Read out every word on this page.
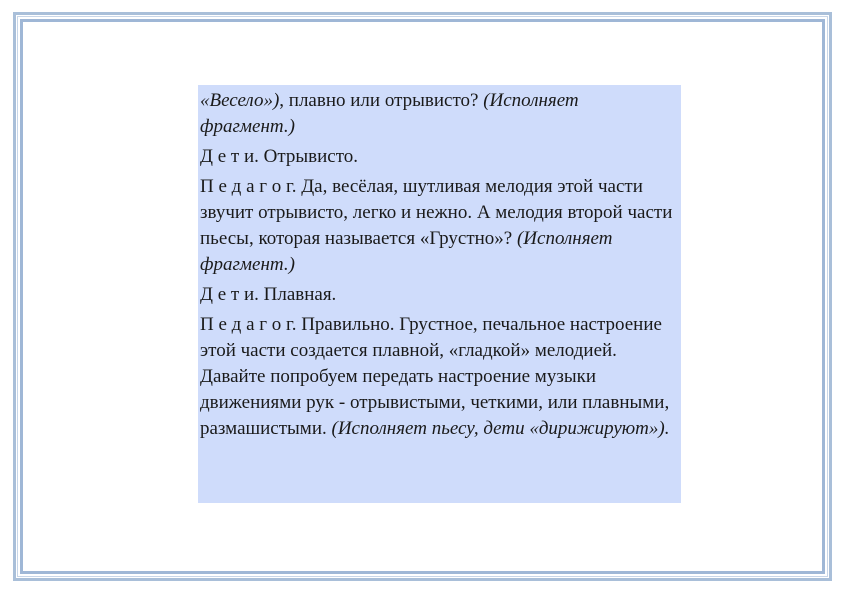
«Весело»), плавно или отрывисто? (Исполняет фрагмент.)

Д е т и. Отрывисто.

П е д а г о г. Да, весёлая, шутливая мелодия этой части звучит отрывисто, легко и нежно. А мелодия второй части пьесы, которая называется «Грустно»? (Исполняет фрагмент.)

Д е т и. Плавная.

П е д а г о г. Правильно. Грустное, печальное настроение этой части создается плавной, «гладкой» мелодией. Давайте попробуем передать настроение музыки движениями рук - отрывистыми, четкими, или плавными, размашистыми. (Исполняет пьесу, дети «дирижируют»).
